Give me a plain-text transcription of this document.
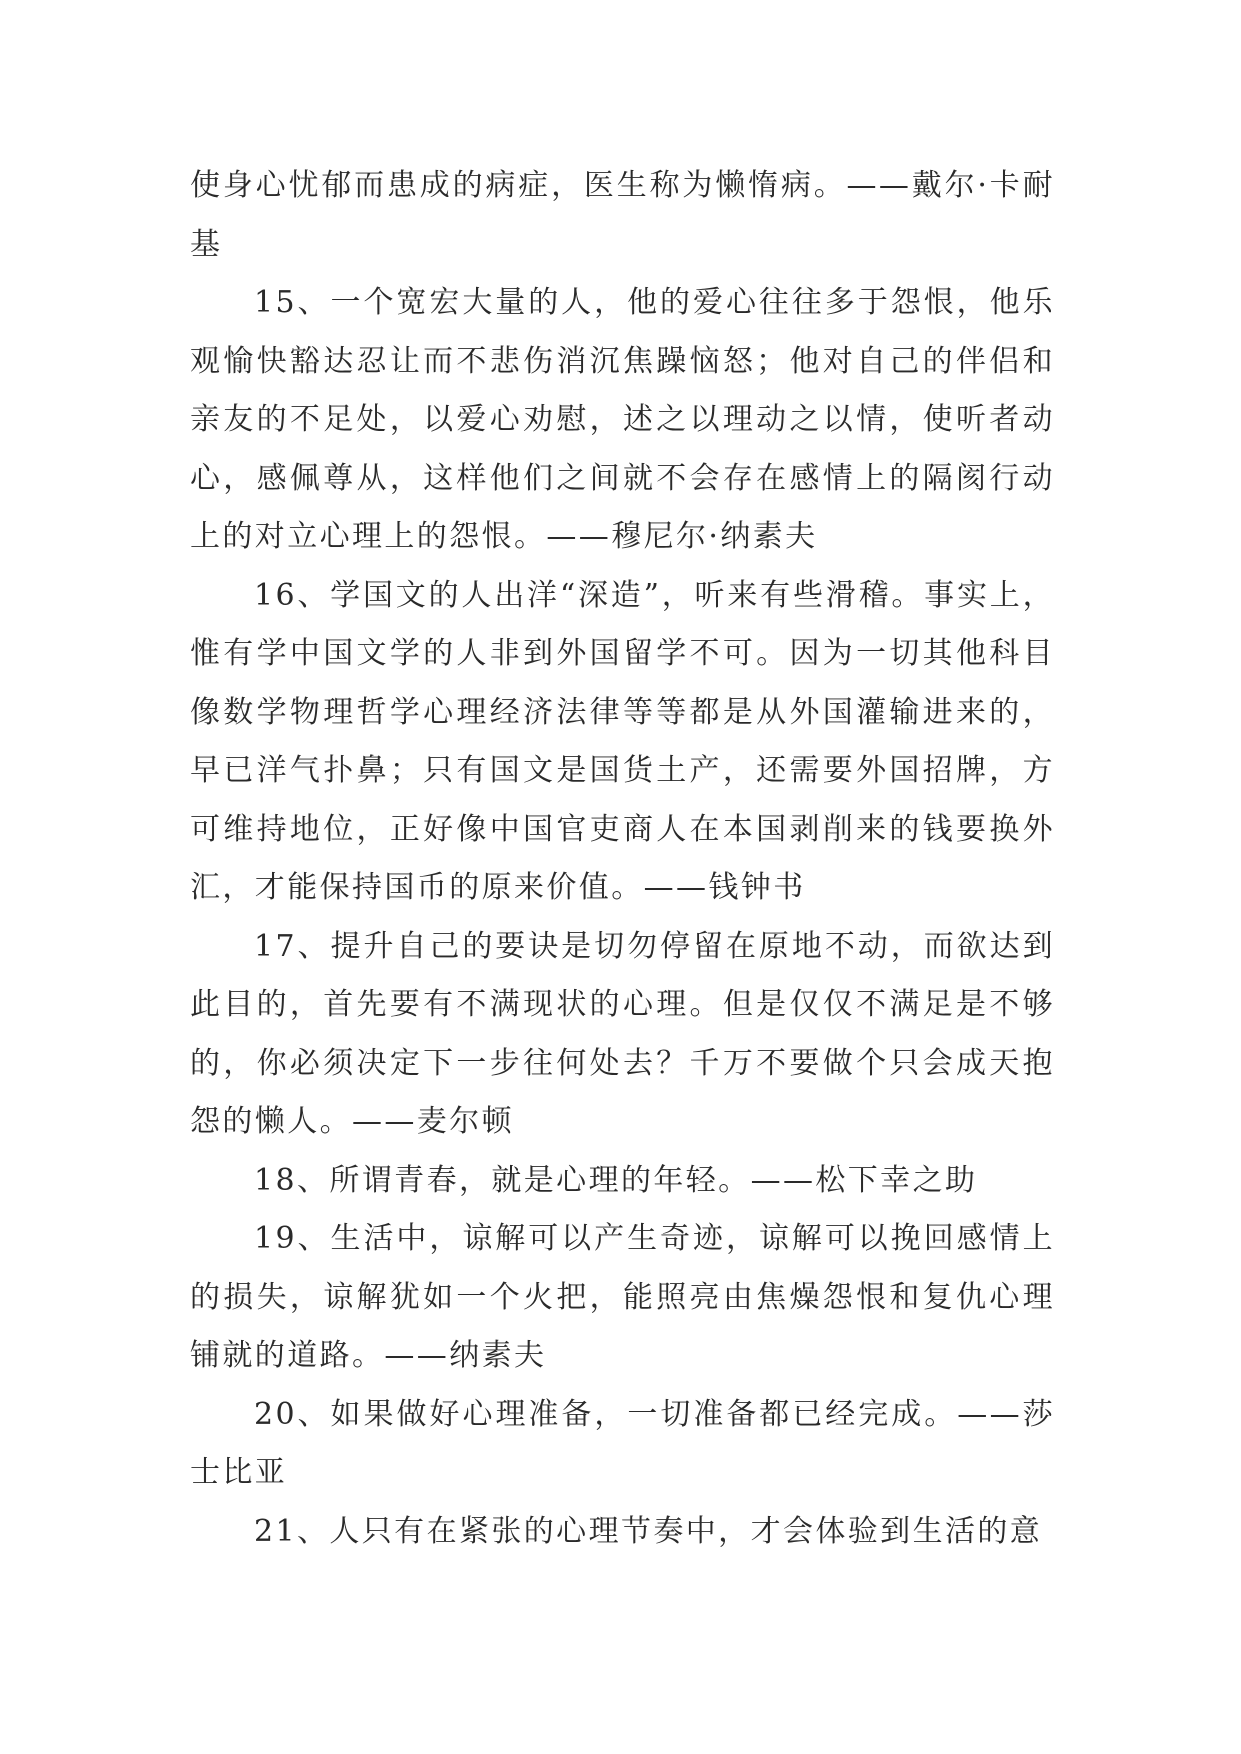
使身心忧郁而患成的病症，医生称为懒惰病。——戴尔·卡耐基

15、一个宽宏大量的人，他的爱心往往多于怨恨，他乐观愉快豁达忍让而不悲伤消沉焦躁恼怒；他对自己的伴侣和亲友的不足处，以爱心劝慰，述之以理动之以情，使听者动心，感佩尊从，这样他们之间就不会存在感情上的隔阂行动上的对立心理上的怨恨。——穆尼尔·纳素夫

16、学国文的人出洋“深造”，听来有些滑稽。事实上，惟有学中国文学的人非到外国留学不可。因为一切其他科目像数学物理哲学心理经济法律等等都是从外国灌输进来的，早已洋气扑鼻；只有国文是国货土产，还需要外国招牌，方可维持地位，正好像中国官吏商人在本国剥削来的钱要换外汇，才能保持国币的原来价值。——钱钟书

17、提升自己的要诀是切勿停留在原地不动，而欲达到此目的，首先要有不满现状的心理。但是仅仅不满足是不够的，你必须决定下一步往何处去？千万不要做个只会成天抱怨的懒人。——麦尔顿

18、所谓青春，就是心理的年轻。——松下幸之助

19、生活中，谅解可以产生奇迹，谅解可以挽回感情上的损失，谅解犹如一个火把，能照亮由焦燥怨恨和复仇心理铺就的道路。——纳素夫

20、如果做好心理准备，一切准备都已经完成。——莎士比亚

21、人只有在紧张的心理节奏中，才会体验到生活的意
